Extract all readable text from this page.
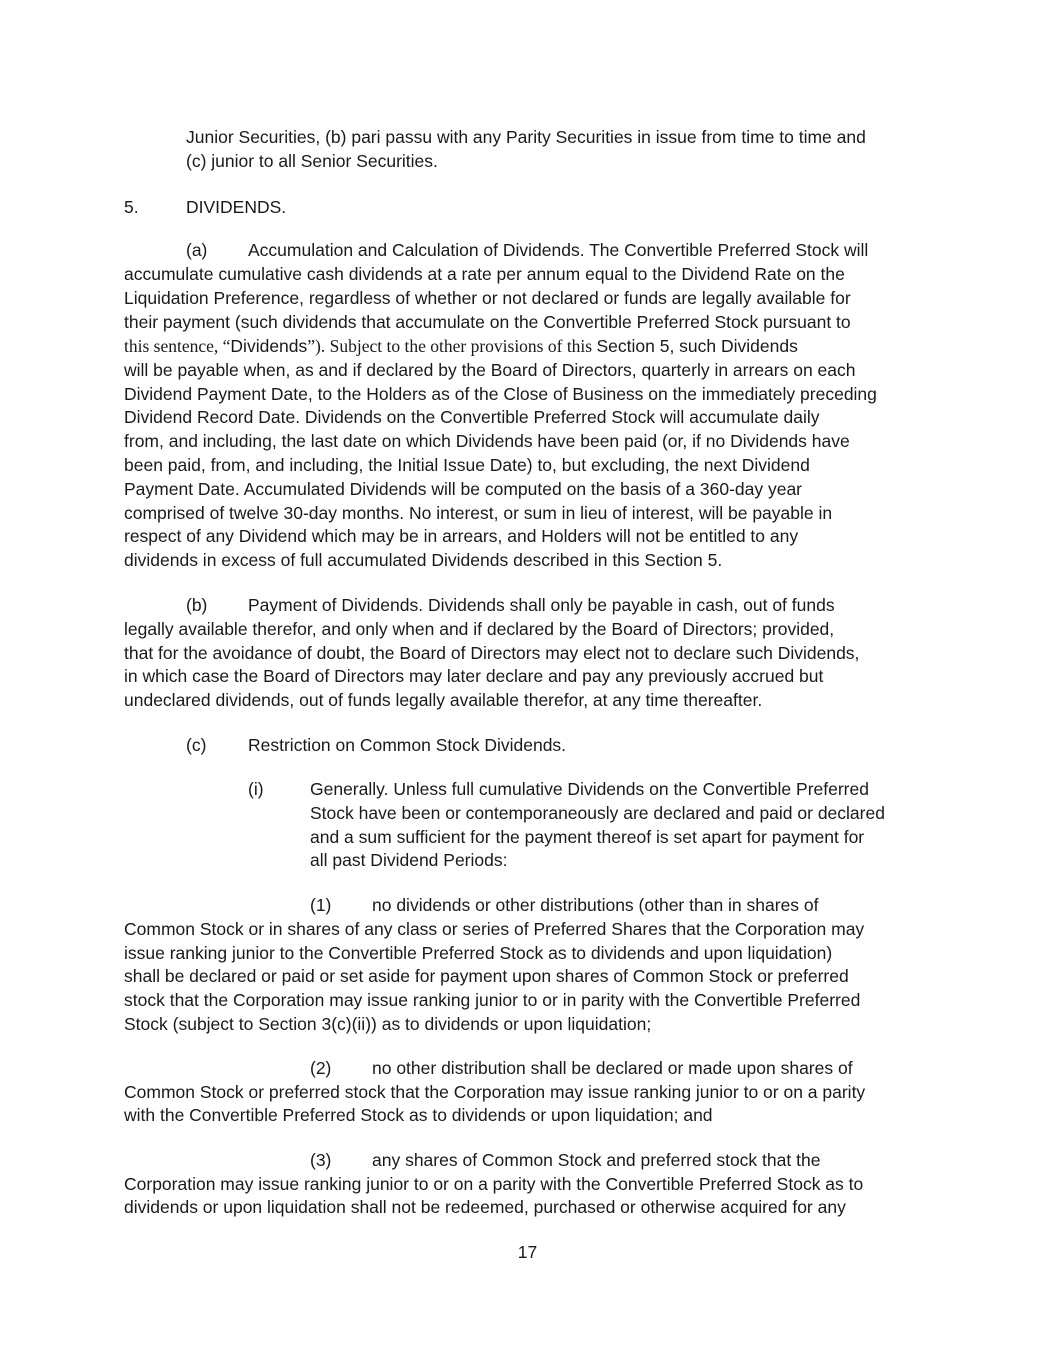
Junior Securities, (b) pari passu with any Parity Securities in issue from time to time and
(c) junior to all Senior Securities.
5.	DIVIDENDS.
(a) Accumulation and Calculation of Dividends. The Convertible Preferred Stock will
accumulate cumulative cash dividends at a rate per annum equal to the Dividend Rate on the
Liquidation Preference, regardless of whether or not declared or funds are legally available for
their payment (such dividends that accumulate on the Convertible Preferred Stock pursuant to
this sentence, “Dividends”). Subject to the other provisions of this Section 5, such Dividends
will be payable when, as and if declared by the Board of Directors, quarterly in arrears on each
Dividend Payment Date, to the Holders as of the Close of Business on the immediately preceding
Dividend Record Date. Dividends on the Convertible Preferred Stock will accumulate daily
from, and including, the last date on which Dividends have been paid (or, if no Dividends have
been paid, from, and including, the Initial Issue Date) to, but excluding, the next Dividend
Payment Date. Accumulated Dividends will be computed on the basis of a 360-day year
comprised of twelve 30-day months. No interest, or sum in lieu of interest, will be payable in
respect of any Dividend which may be in arrears, and Holders will not be entitled to any
dividends in excess of full accumulated Dividends described in this Section 5.
(b) Payment of Dividends. Dividends shall only be payable in cash, out of funds
legally available therefor, and only when and if declared by the Board of Directors; provided,
that for the avoidance of doubt, the Board of Directors may elect not to declare such Dividends,
in which case the Board of Directors may later declare and pay any previously accrued but
undeclared dividends, out of funds legally available therefor, at any time thereafter.
(c) Restriction on Common Stock Dividends.
(i)	Generally. Unless full cumulative Dividends on the Convertible Preferred
Stock have been or contemporaneously are declared and paid or declared
and a sum sufficient for the payment thereof is set apart for payment for
all past Dividend Periods:
(1) no dividends or other distributions (other than in shares of
Common Stock or in shares of any class or series of Preferred Shares that the Corporation may
issue ranking junior to the Convertible Preferred Stock as to dividends and upon liquidation)
shall be declared or paid or set aside for payment upon shares of Common Stock or preferred
stock that the Corporation may issue ranking junior to or in parity with the Convertible Preferred
Stock (subject to Section 3(c)(ii)) as to dividends or upon liquidation;
(2) no other distribution shall be declared or made upon shares of
Common Stock or preferred stock that the Corporation may issue ranking junior to or on a parity
with the Convertible Preferred Stock as to dividends or upon liquidation; and
(3) any shares of Common Stock and preferred stock that the
Corporation may issue ranking junior to or on a parity with the Convertible Preferred Stock as to
dividends or upon liquidation shall not be redeemed, purchased or otherwise acquired for any
17
